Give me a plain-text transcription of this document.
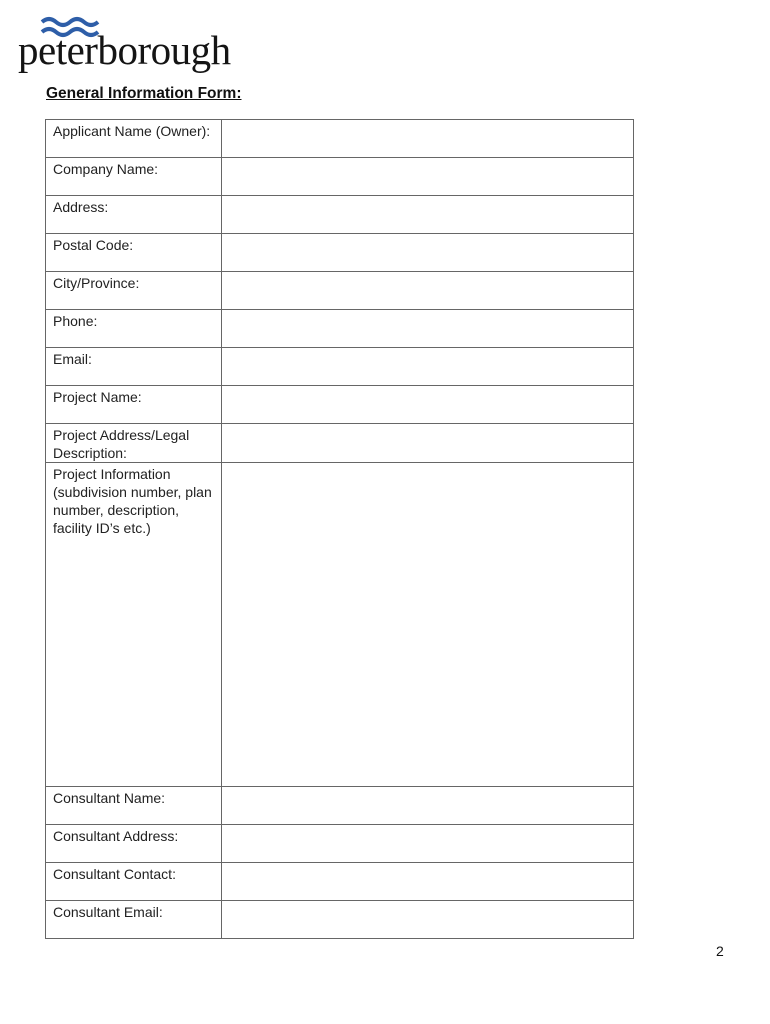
peterborough
General Information Form:
Applicant Name (Owner):	
Company Name:	
Address:	
Postal Code:	
City/Province:	
Phone:	
Email:	
Project Name:	
Project Address/Legal Description:	
Project Information (subdivision number, plan number, description, facility ID’s etc.)	
Consultant Name:	
Consultant Address:	
Consultant Contact:	
Consultant Email:	
2
